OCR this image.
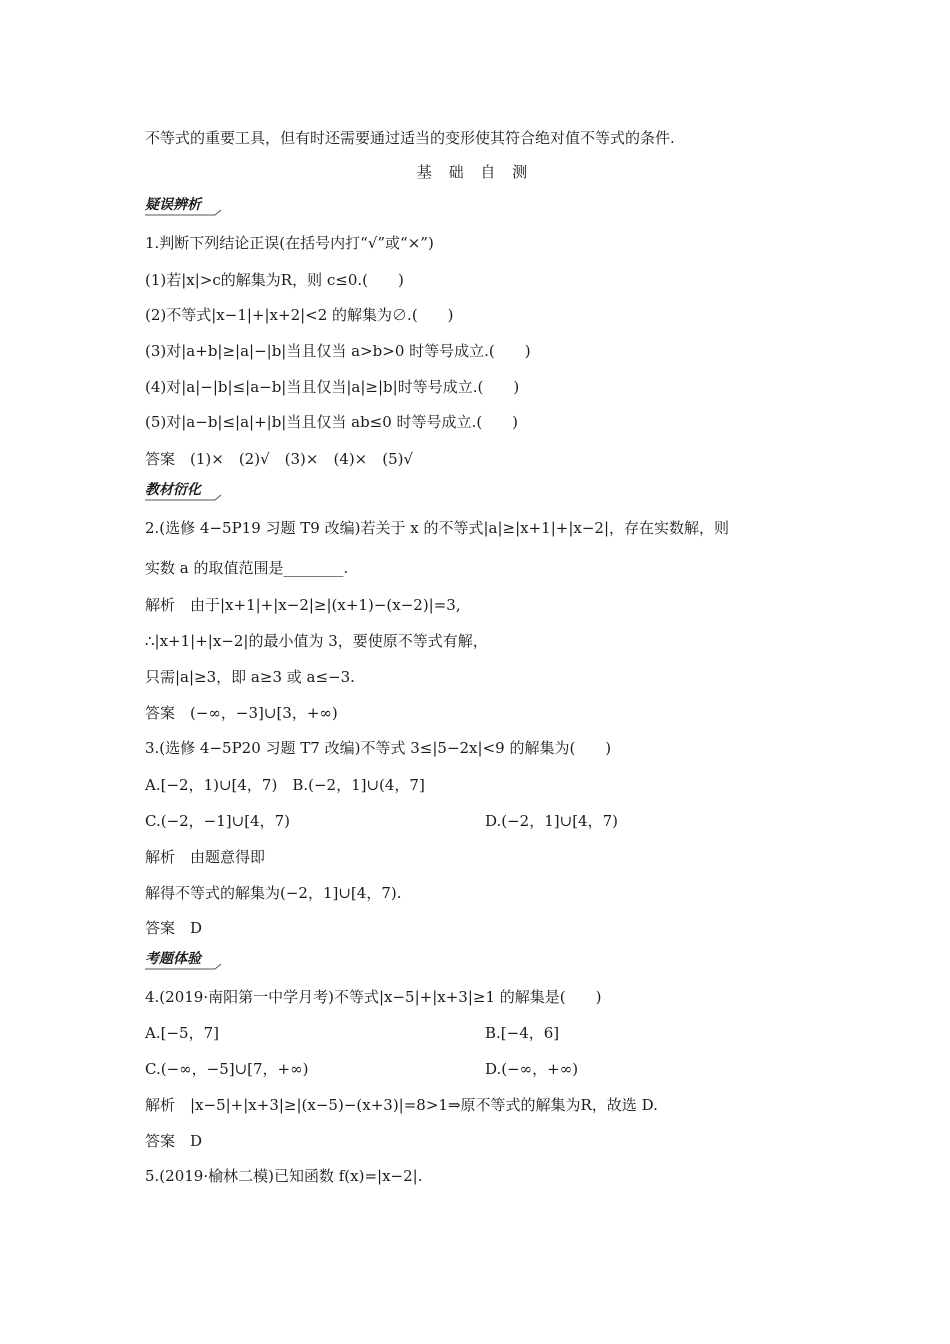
不等式的重要工具，但有时还需要通过适当的变形使其符合绝对值不等式的条件.
基 础 自 测
疑误辨析
1.判断下列结论正误(在括号内打“√”或“×”)
(1)若|x|>c的解集为R，则 c≤0.(　　)
(2)不等式|x−1|+|x+2|<2 的解集为∅.(　　)
(3)对|a+b|≥|a|−|b|当且仅当 a>b>0 时等号成立.(　　)
(4)对|a|−|b|≤|a−b|当且仅当|a|≥|b|时等号成立.(　　)
(5)对|a−b|≤|a|+|b|当且仅当 ab≤0 时等号成立.(　　)
答案　(1)×　(2)√　(3)×　(4)×　(5)√
教材衍化
2.(选修 4−5P19 习题 T9 改编)若关于 x 的不等式|a|≥|x+1|+|x−2|，存在实数解，则
实数 a 的取值范围是________.
解析　由于|x+1|+|x−2|≥|(x+1)−(x−2)|=3,
∴|x+1|+|x−2|的最小值为 3，要使原不等式有解，
只需|a|≥3，即 a≥3 或 a≤−3.
答案　(−∞，−3]∪[3，+∞)
3.(选修 4−5P20 习题 T7 改编)不等式 3≤|5−2x|<9 的解集为(　　)
A.[−2，1)∪[4，7)　B.(−2，1]∪(4，7]
C.(−2，−1]∪[4，7)	D.(−2，1]∪[4，7)
解析　由题意得即
解得不等式的解集为(−2，1]∪[4，7).
答案　D
考题体验
4.(2019·南阳第一中学月考)不等式|x−5|+|x+3|≥1 的解集是(　　)
A.[−5，7]	B.[−4，6]
C.(−∞，−5]∪[7，+∞)	D.(−∞，+∞)
解析　|x−5|+|x+3|≥|(x−5)−(x+3)|=8>1⇒原不等式的解集为R，故选 D.
答案　D
5.(2019·榆林二模)已知函数 f(x)=|x−2|.
